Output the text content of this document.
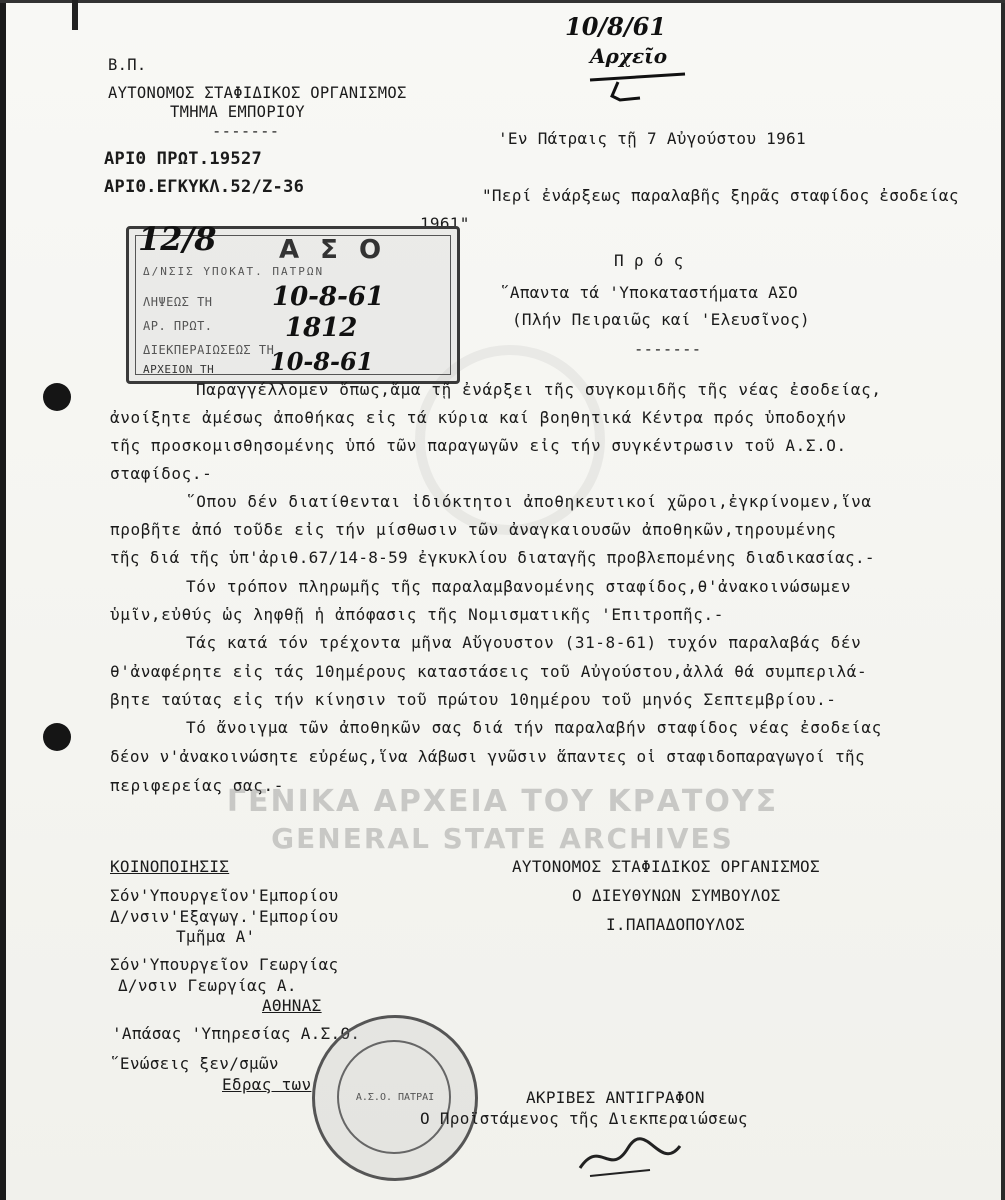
10/8/61
Αρχεῖο
Β.Π.
ΑΥΤΟΝΟΜΟΣ ΣΤΑΦΙΔΙΚΟΣ ΟΡΓΑΝΙΣΜΟΣ
ΤΜΗΜΑ ΕΜΠΟΡΙΟΥ
-------
ΑΡΙΘ ΠΡΩΤ.19527
ΑΡΙΘ.ΕΓΚΥΚΛ.52/Ζ-36
'Εν Πάτραις τῇ 7 Αὐγούστου 1961
"Περί ἐνάρξεως παραλαβῆς ξηρᾶς σταφίδος ἐσοδείας
1961"
Π ρ ό ς
῞Απαντα τά 'Υποκαταστήματα ΑΣΟ
(Πλήν Πειραιῶς καί 'Ελευσῖνος)
-------
Α Σ Ο
Δ/ΝΣΙΣ ΥΠΟΚΑΤ. ΠΑΤΡΩΝ
ΛΗΨΕΩΣ ΤΗ
ΑΡ. ΠΡΩΤ.
ΔΙΕΚΠΕΡΑΙΩΣΕΩΣ ΤΗ
ΑΡΧΕΙΟΝ ΤΗ
12/8
10-8-61
1812
10-8-61
Παραγγέλλομεν ὅπως,ἅμα τῇ ἐνάρξει τῆς συγκομιδῆς τῆς νέας ἐσοδείας,
ἀνοίξητε ἀμέσως ἀποθήκας εἰς τά κύρια καί βοηθητικά Κέντρα πρός ὑποδοχήν
τῆς προσκομισθησομένης ὑπό τῶν παραγωγῶν εἰς τήν συγκέντρωσιν τοῦ Α.Σ.Ο.
σταφίδος.-
῞Οπου δέν διατίθενται ἰδιόκτητοι ἀποθηκευτικοί χῶροι,ἐγκρίνομεν,ἵνα
προβῆτε ἀπό τοῦδε εἰς τήν μίσθωσιν τῶν ἀναγκαιουσῶν ἀποθηκῶν,τηρουμένης
τῆς διά τῆς ὑπ'ἀριθ.67/14-8-59 ἐγκυκλίου διαταγῆς προβλεπομένης διαδικασίας.-
Τόν τρόπον πληρωμῆς τῆς παραλαμβανομένης σταφίδος,θ'ἀνακοινώσωμεν
ὑμῖν,εὐθύς ὡς ληφθῇ ἡ ἀπόφασις τῆς Νομισματικῆς 'Επιτροπῆς.-
Τάς κατά τόν τρέχοντα μῆνα Αὔγουστον (31-8-61) τυχόν παραλαβάς δέν
θ'ἀναφέρητε εἰς τάς 10ημέρους καταστάσεις τοῦ Αὐγούστου,ἀλλά θά συμπεριλά-
βητε ταύτας εἰς τήν κίνησιν τοῦ πρώτου 10ημέρου τοῦ μηνός Σεπτεμβρίου.-
Τό ἄνοιγμα τῶν ἀποθηκῶν σας διά τήν παραλαβήν σταφίδος νέας ἐσοδείας
δέον ν'ἀνακοινώσητε εὐρέως,ἵνα λάβωσι γνῶσιν ἅπαντες οἱ σταφιδοπαραγωγοί τῆς
περιφερείας σας.-
ΓΕΝΙΚΑ ΑΡΧΕΙΑ ΤΟΥ ΚΡΑΤΟΥΣ
GENERAL STATE ARCHIVES
ΚΟΙΝΟΠΟΙΗΣΙΣ
Σόν'Υπουργεῖον'Εμπορίου
Δ/νσιν'Εξαγωγ.'Εμπορίου
Τμῆμα Α'
Σόν'Υπουργεῖον Γεωργίας
Δ/νσιν Γεωργίας Α.
ΑΘΗΝΑΣ
'Απάσας 'Υπηρεσίας Α.Σ.Ο.
῞Ενώσεις ξεν/σμῶν
Εδρας των
ΑΥΤΟΝΟΜΟΣ ΣΤΑΦΙΔΙΚΟΣ ΟΡΓΑΝΙΣΜΟΣ
Ο ΔΙΕΥΘΥΝΩΝ ΣΥΜΒΟΥΛΟΣ
Ι.ΠΑΠΑΔΟΠΟΥΛΟΣ
Α.Σ.Ο. ΠΑΤΡΑΙ	ΑΚΡΙΒΕΣ ΑΝΤΙΓΡΑΦΟΝ
Ο Προϊστάμενος τῆς Διεκπεραιώσεως
